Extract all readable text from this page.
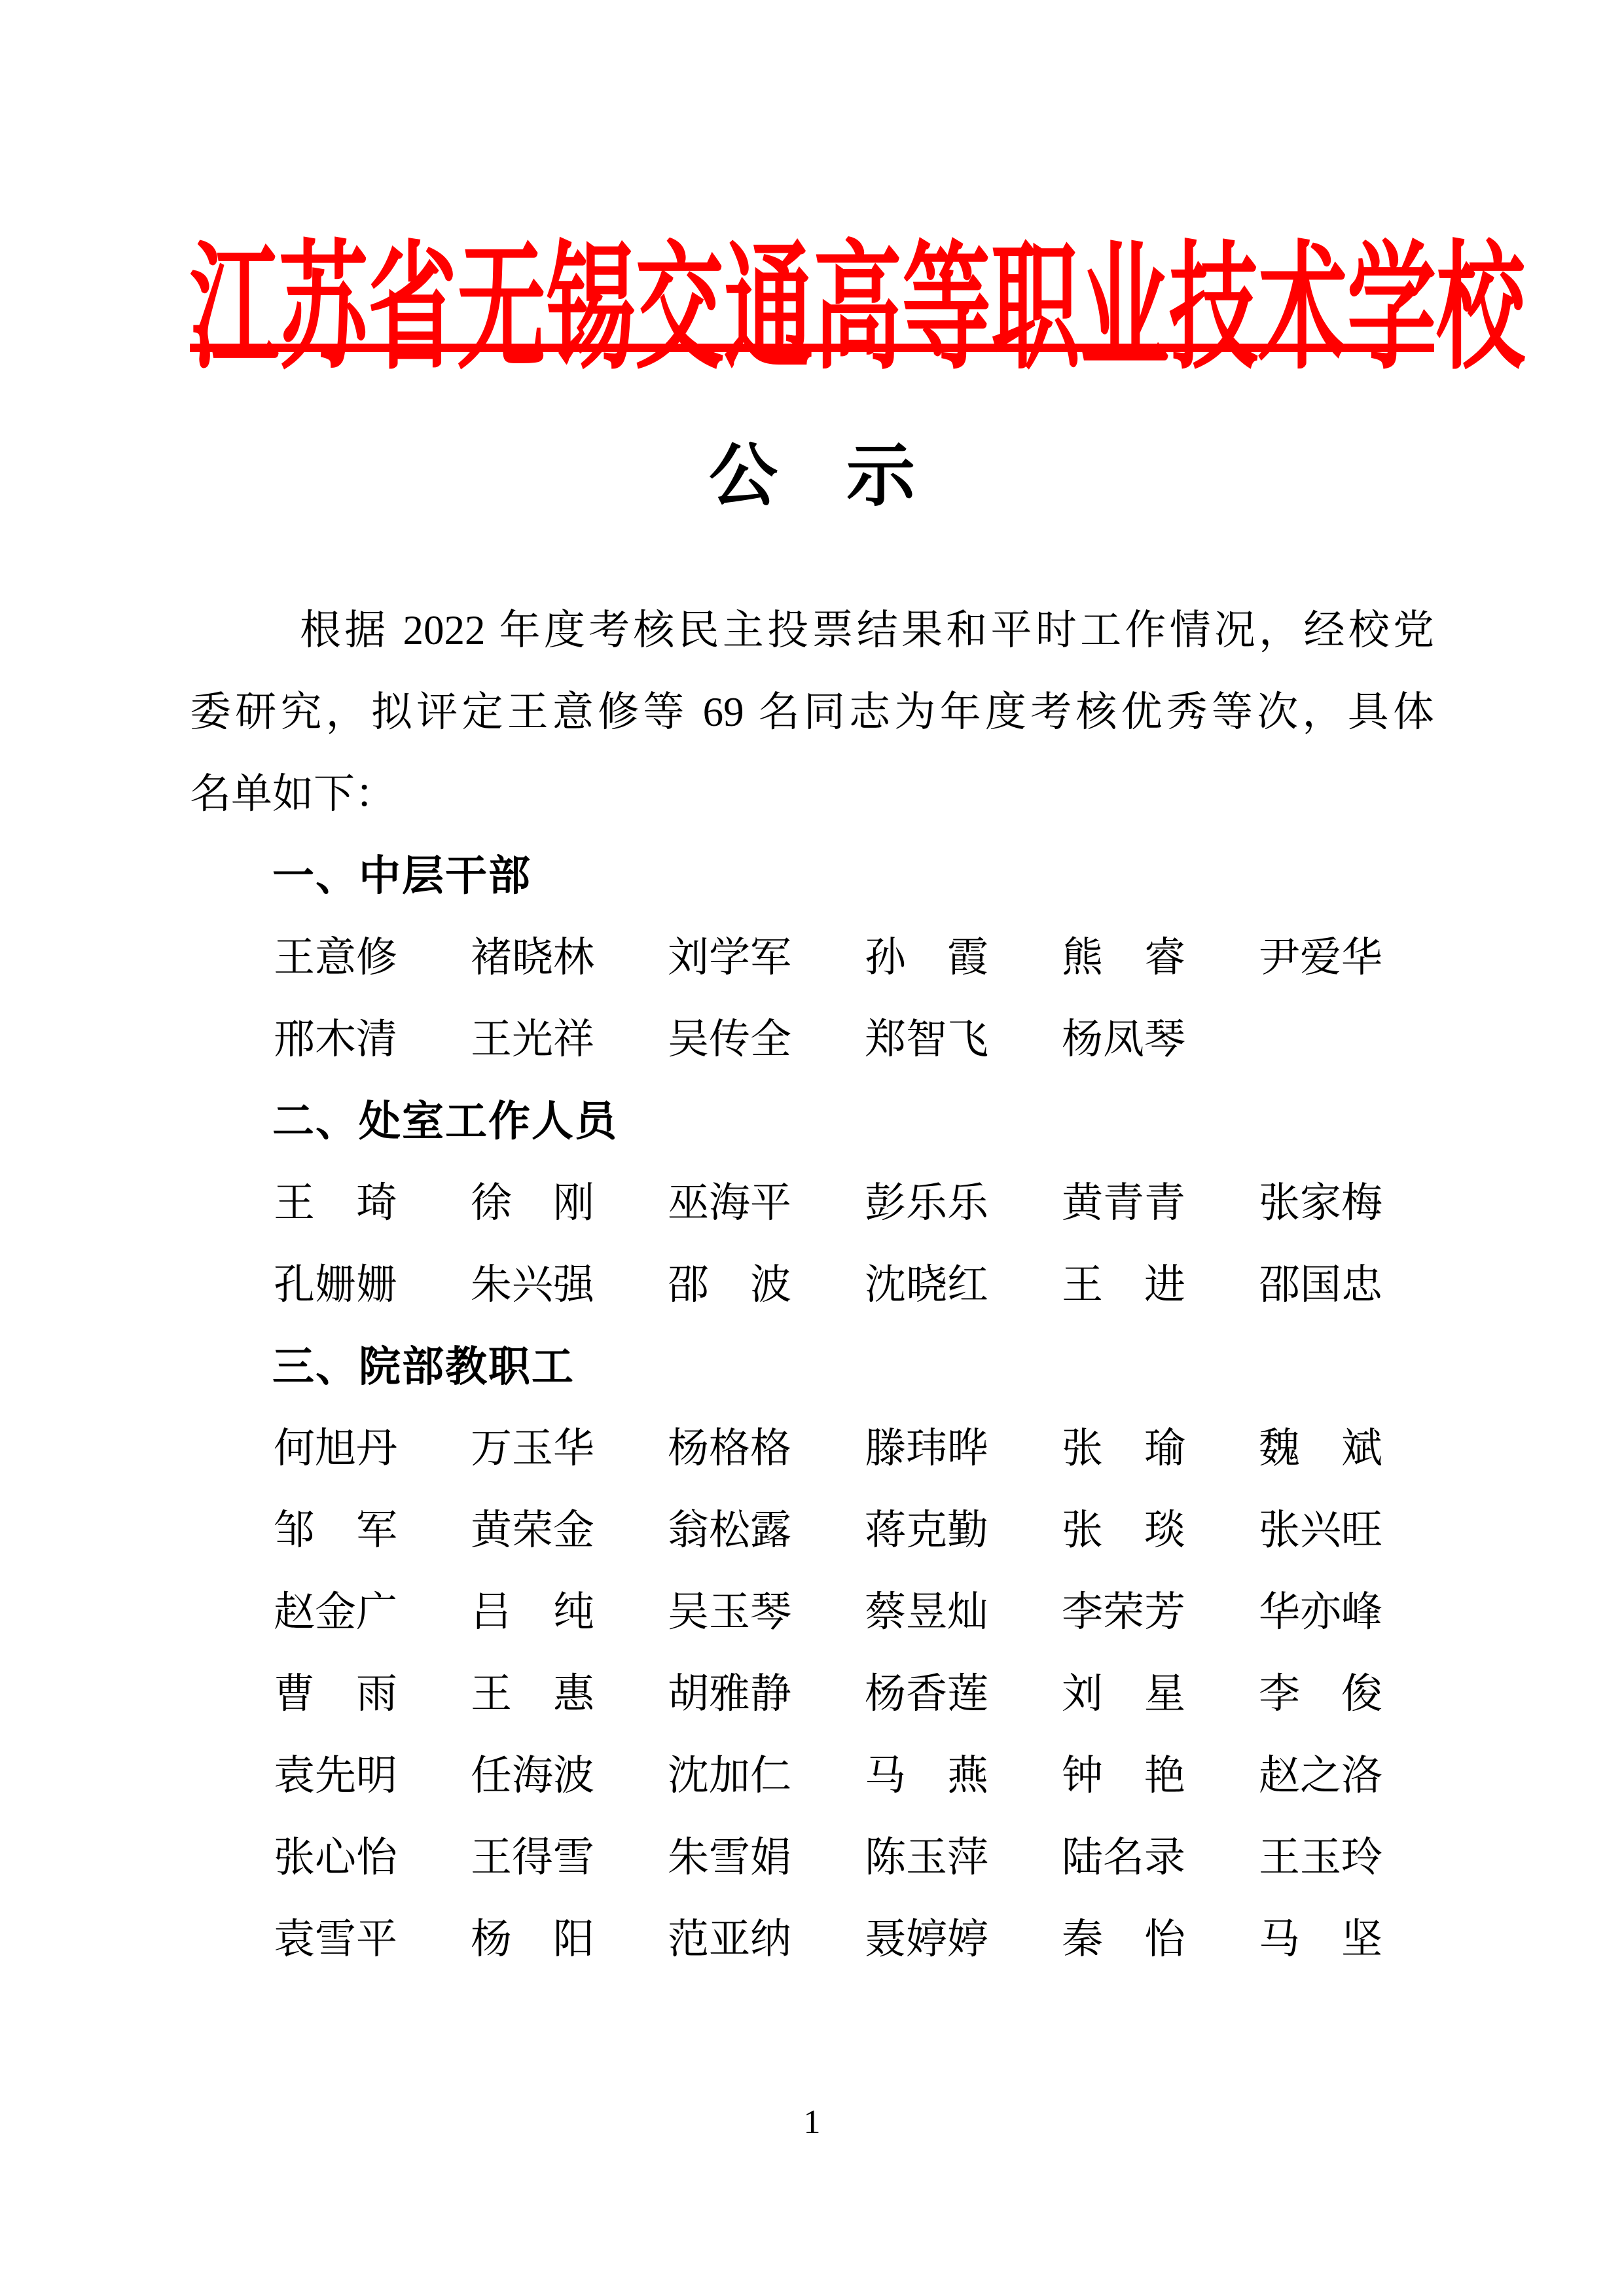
江苏省无锡交通高等职业技术学校
公　示
根据 2022 年度考核民主投票结果和平时工作情况，经校党
委研究，拟评定王意修等 69 名同志为年度考核优秀等次，具体
名单如下：
一、中层干部
王意修 褚晓林 刘学军 孙　霞 熊　睿 尹爱华
邢木清 王光祥 吴传全 郑智飞 杨凤琴
二、处室工作人员
王　琦 徐　刚 巫海平 彭乐乐 黄青青 张家梅
孔姗姗 朱兴强 邵　波 沈晓红 王　进 邵国忠
三、院部教职工
何旭丹 万玉华 杨格格 滕玮晔 张　瑜 魏　斌
邹　军 黄荣金 翁松露 蒋克勤 张　琰 张兴旺
赵金广 吕　纯 吴玉琴 蔡昱灿 李荣芳 华亦峰
曹　雨 王　惠 胡雅静 杨香莲 刘　星 李　俊
袁先明 任海波 沈加仁 马　燕 钟　艳 赵之洛
张心怡 王得雪 朱雪娟 陈玉萍 陆名录 王玉玲
袁雪平 杨　阳 范亚纳 聂婷婷 秦　怡 马　坚
1
